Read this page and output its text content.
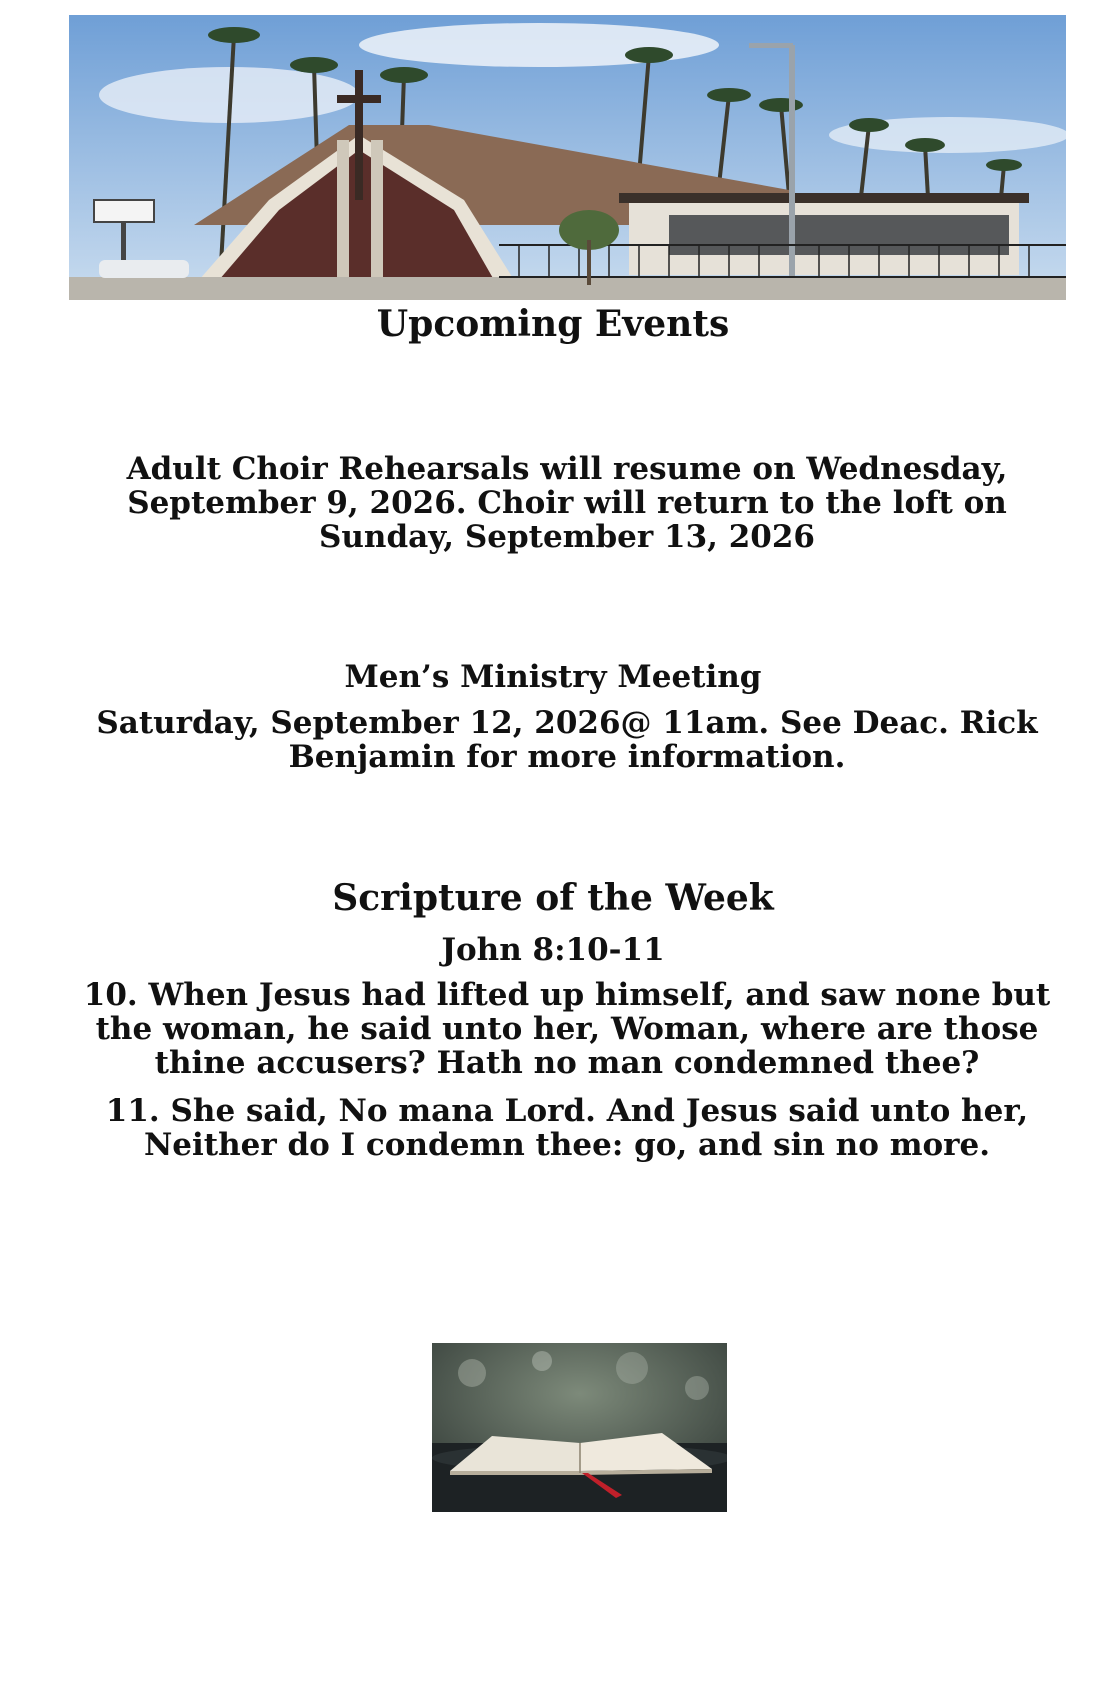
Upcoming Events

Adult Choir Rehearsals will resume on Wednesday, September 9, 2026. Choir will return to the loft on Sunday, September 13, 2026

Men’s Ministry Meeting

Saturday, September 12, 2026@ 11am. See Deac. Rick Benjamin for more information.

Scripture of the Week
John 8:10-11

10. When Jesus had lifted up himself, and saw none but the woman, he said unto her, Woman, where are those thine accusers? Hath no man condemned thee?

11. She said, No mana Lord. And Jesus said unto her, Neither do I condemn thee: go, and sin no more.
